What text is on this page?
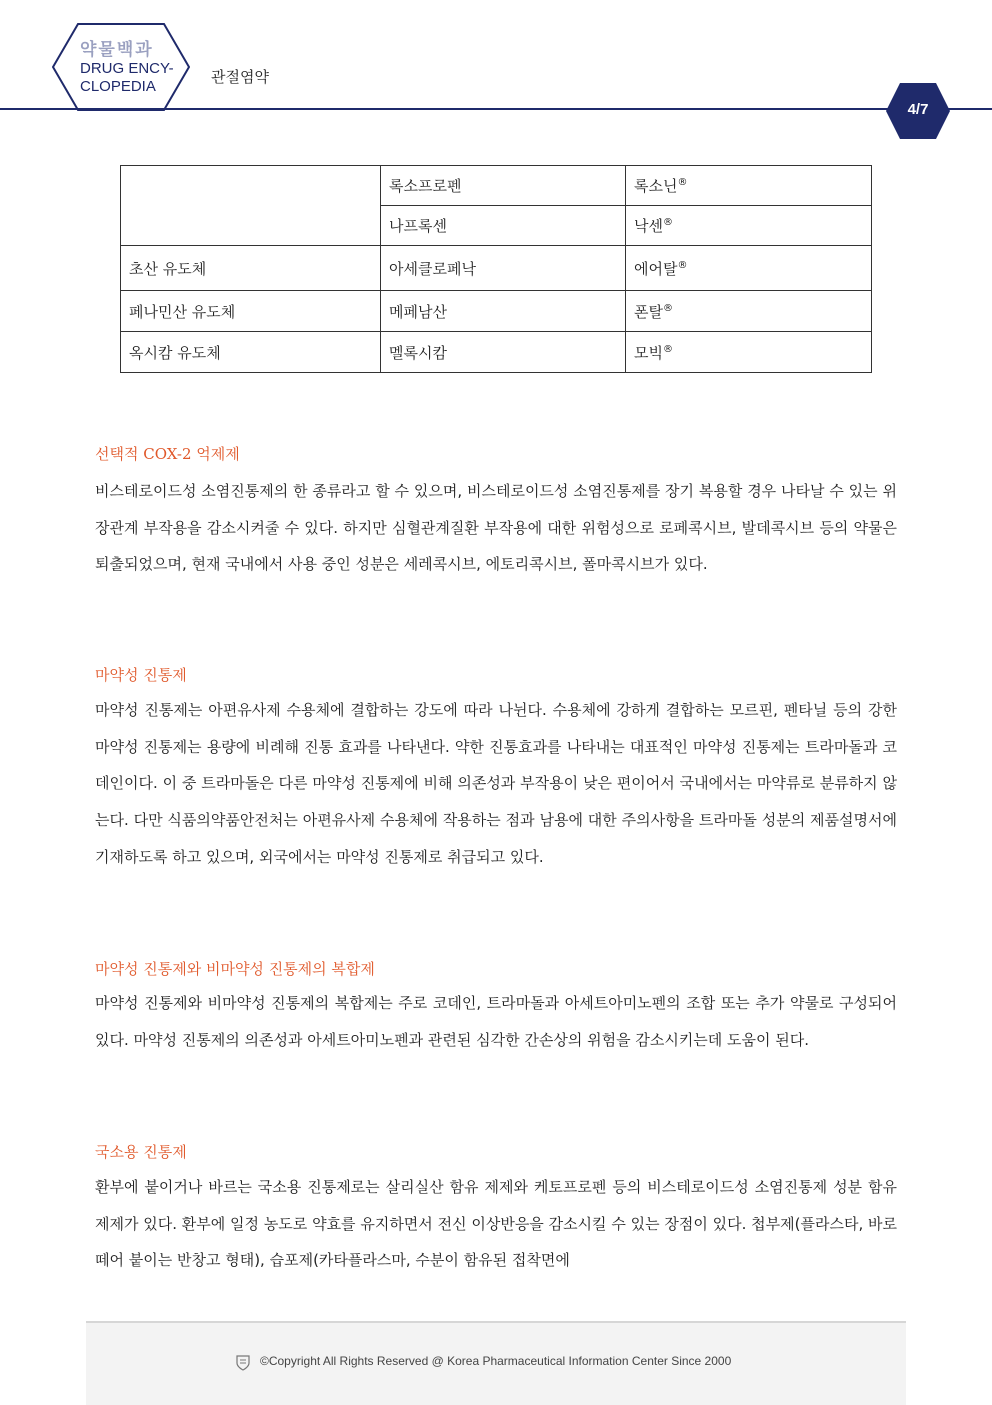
약물백과
DRUG ENCY-
CLOPEDIA
관절염약
4/7
	록소프로펜	록소닌®
	나프록센	낙센®
초산 유도체	아세클로페낙	에어탈®
페나민산 유도체	메페남산	폰탈®
옥시캄 유도체	멜록시캄	모빅®
선택적 COX-2 억제제
비스테로이드성 소염진통제의 한 종류라고 할 수 있으며, 비스테로이드성 소염진통제를 장기 복용할 경우 나타날 수 있는 위장관계 부작용을 감소시켜줄 수 있다. 하지만 심혈관계질환 부작용에 대한 위험성으로 로페콕시브, 발데콕시브 등의 약물은 퇴출되었으며, 현재 국내에서 사용 중인 성분은 세레콕시브, 에토리콕시브, 폴마콕시브가 있다.
마약성 진통제
마약성 진통제는 아편유사제 수용체에 결합하는 강도에 따라 나뉜다. 수용체에 강하게 결합하는 모르핀, 펜타닐 등의 강한 마약성 진통제는 용량에 비례해 진통 효과를 나타낸다. 약한 진통효과를 나타내는 대표적인 마약성 진통제는 트라마돌과 코데인이다. 이 중 트라마돌은 다른 마약성 진통제에 비해 의존성과 부작용이 낮은 편이어서 국내에서는 마약류로 분류하지 않는다. 다만 식품의약품안전처는 아편유사제 수용체에 작용하는 점과 남용에 대한 주의사항을 트라마돌 성분의 제품설명서에 기재하도록 하고 있으며, 외국에서는 마약성 진통제로 취급되고 있다.
마약성 진통제와 비마약성 진통제의 복합제
마약성 진통제와 비마약성 진통제의 복합제는 주로 코데인, 트라마돌과 아세트아미노펜의 조합 또는 추가 약물로 구성되어 있다. 마약성 진통제의 의존성과 아세트아미노펜과 관련된 심각한 간손상의 위험을 감소시키는데 도움이 된다.
국소용 진통제
환부에 붙이거나 바르는 국소용 진통제로는 살리실산 함유 제제와 케토프로펜 등의 비스테로이드성 소염진통제 성분 함유 제제가 있다. 환부에 일정 농도로 약효를 유지하면서 전신 이상반응을 감소시킬 수 있는 장점이 있다. 첩부제(플라스타, 바로 떼어 붙이는 반창고 형태), 습포제(카타플라스마, 수분이 함유된 접착면에
©Copyright All Rights Reserved @ Korea Pharmaceutical Information Center Since 2000
